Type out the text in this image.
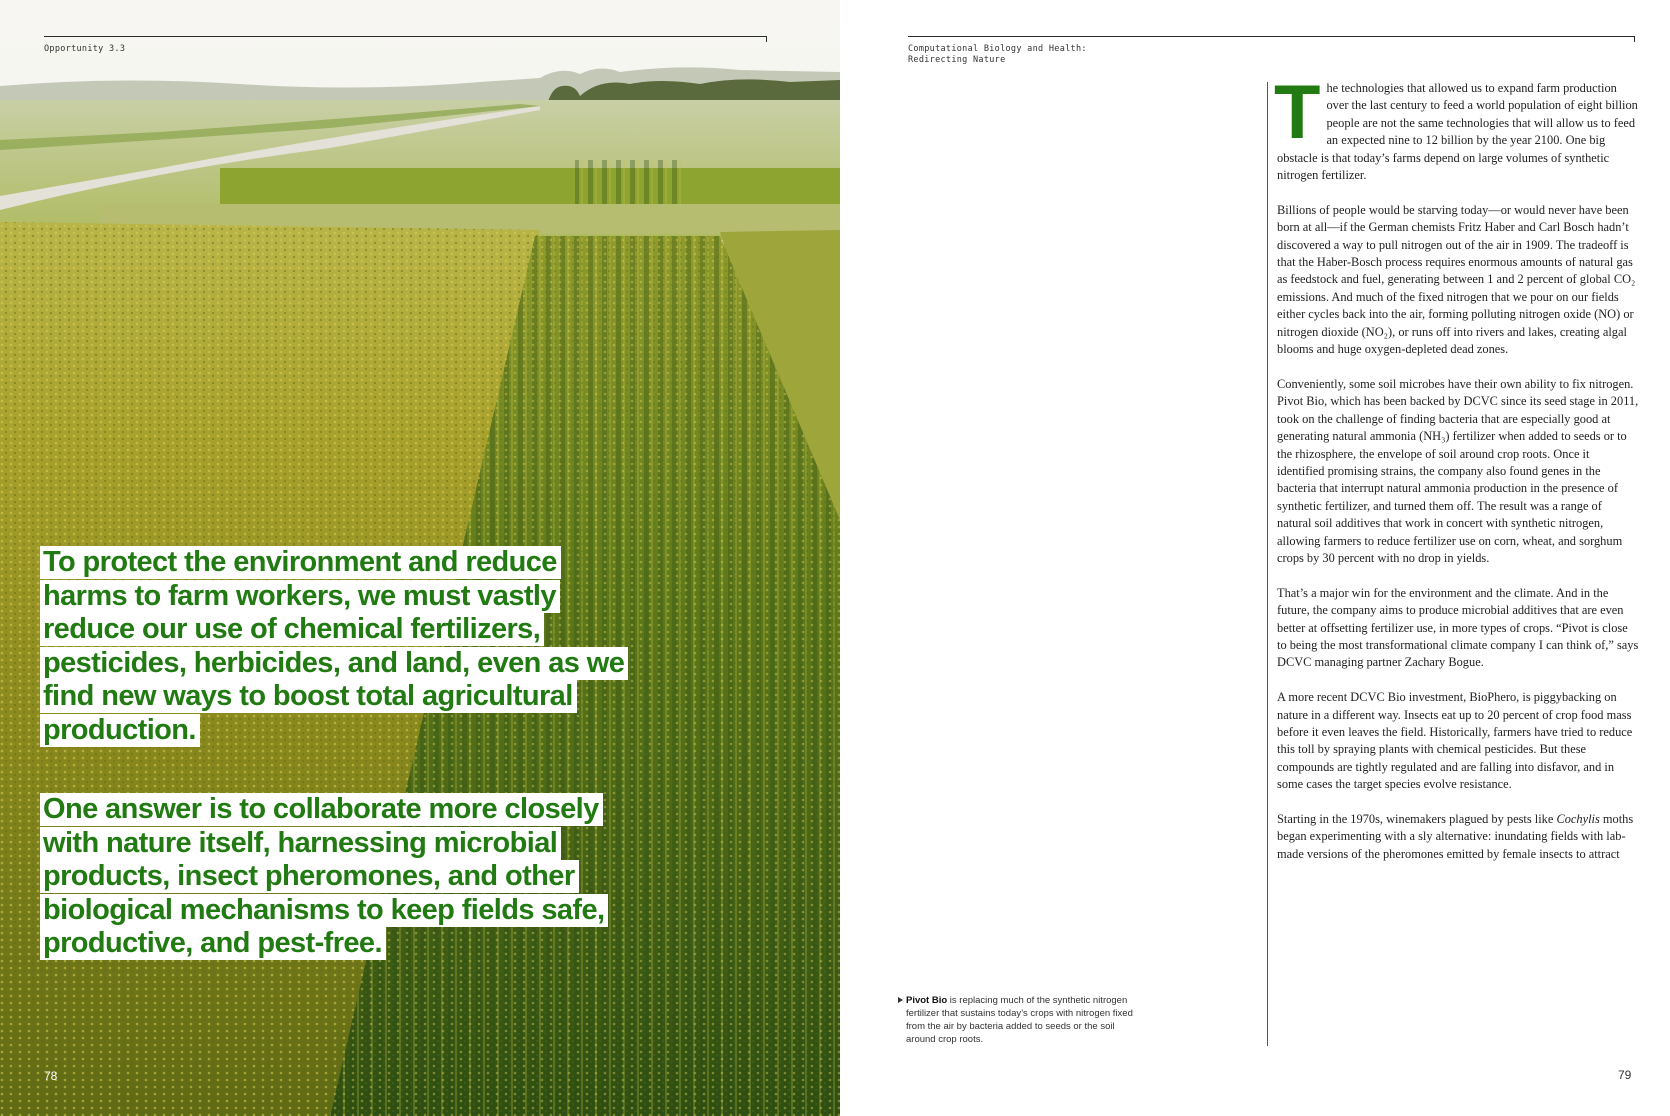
Opportunity 3.3
To protect the environment and reduce harms to farm workers, we must vastly reduce our use of chemical fertilizers, pesticides, herbicides, and land, even as we find new ways to boost total agricultural production.
One answer is to collaborate more closely with nature itself, harnessing microbial products, insect pheromones, and other biological mechanisms to keep fields safe, productive, and pest-free.
78
Computational Biology and Health:
Redirecting Nature

The technologies that allowed us to expand farm production over the last century to feed a world population of eight billion people are not the same technologies that will allow us to feed an expected nine to 12 billion by the year 2100. One big obstacle is that today’s farms depend on large volumes of synthetic nitrogen fertilizer.

Billions of people would be starving today—or would never have been born at all—if the German chemists Fritz Haber and Carl Bosch hadn’t discovered a way to pull nitrogen out of the air in 1909. The tradeoff is that the Haber-Bosch process requires enormous amounts of natural gas as feedstock and fuel, generating between 1 and 2 percent of global CO₂ emissions. And much of the fixed nitrogen that we pour on our fields either cycles back into the air, forming polluting nitrogen oxide (NO) or nitrogen dioxide (NO₂), or runs off into rivers and lakes, creating algal blooms and huge oxygen-depleted dead zones.

Conveniently, some soil microbes have their own ability to fix nitrogen. Pivot Bio, which has been backed by DCVC since its seed stage in 2011, took on the challenge of finding bacteria that are especially good at generating natural ammonia (NH₃) fertilizer when added to seeds or to the rhizosphere, the envelope of soil around crop roots. Once it identified promising strains, the company also found genes in the bacteria that interrupt natural ammonia production in the presence of synthetic fertilizer, and turned them off. The result was a range of natural soil additives that work in concert with synthetic nitrogen, allowing farmers to reduce fertilizer use on corn, wheat, and sorghum crops by 30 percent with no drop in yields.

That’s a major win for the environment and the climate. And in the future, the company aims to produce microbial additives that are even better at offsetting fertilizer use, in more types of crops. “Pivot is close to being the most transformational climate company I can think of,” says DCVC managing partner Zachary Bogue.

A more recent DCVC Bio investment, BioPhero, is piggybacking on nature in a different way. Insects eat up to 20 percent of crop food mass before it even leaves the field. Historically, farmers have tried to reduce this toll by spraying plants with chemical pesticides. But these compounds are tightly regulated and are falling into disfavor, and in some cases the target species evolve resistance.

Starting in the 1970s, winemakers plagued by pests like Cochylis moths began experimenting with a sly alternative: inundating fields with lab-made versions of the pheromones emitted by female insects to attract

Pivot Bio is replacing much of the synthetic nitrogen fertilizer that sustains today’s crops with nitrogen fixed from the air by bacteria added to seeds or the soil around crop roots.
79
